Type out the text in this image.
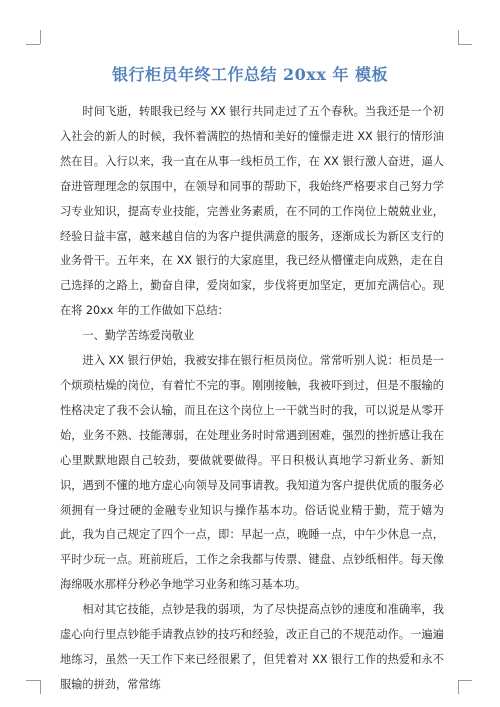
银行柜员年终工作总结 20xx 年 模板

时间飞逝，转眼我已经与 XX 银行共同走过了五个春秋。当我还是一个初入社会的新人的时候，我怀着满腔的热情和美好的憧憬走进 XX 银行的情形油然在目。入行以来，我一直在从事一线柜员工作，在 XX 银行激人奋进，逼人奋进管理理念的氛围中，在领导和同事的帮助下，我始终严格要求自己努力学习专业知识，提高专业技能，完善业务素质，在不同的工作岗位上兢兢业业，经验日益丰富，越来越自信的为客户提供满意的服务，逐渐成长为新区支行的业务骨干。五年来，在 XX 银行的大家庭里，我已经从懵懂走向成熟，走在自己选择的之路上，勤奋自律，爱岗如家，步伐将更加坚定，更加充满信心。现在将 20xx 年的工作做如下总结：

一、勤学苦练爱岗敬业

进入 XX 银行伊始，我被安排在银行柜员岗位。常常听别人说：柜员是一个烦琐枯燥的岗位，有着忙不完的事。刚刚接触，我被吓到过，但是不服输的性格决定了我不会认输，而且在这个岗位上一干就当时的我，可以说是从零开始，业务不熟、技能薄弱，在处理业务时时常遇到困难，强烈的挫折感让我在心里默默地跟自己较劲，要做就要做得。平日积极认真地学习新业务、新知识，遇到不懂的地方虚心向领导及同事请教。我知道为客户提供优质的服务必须拥有一身过硬的金融专业知识与操作基本功。俗话说业精于勤，荒于嬉为此，我为自己规定了四个一点，即：早起一点，晚睡一点，中午少休息一点，平时少玩一点。班前班后，工作之余我都与传票、键盘、点钞纸相伴。每天像海绵吸水那样分秒必争地学习业务和练习基本功。

相对其它技能，点钞是我的弱项，为了尽快提高点钞的速度和准确率，我虚心向行里点钞能手请教点钞的技巧和经验，改正自己的不规范动作。一遍遍地练习，虽然一天工作下来已经很累了，但凭着对 XX 银行工作的热爱和永不服输的拼劲，常常练
